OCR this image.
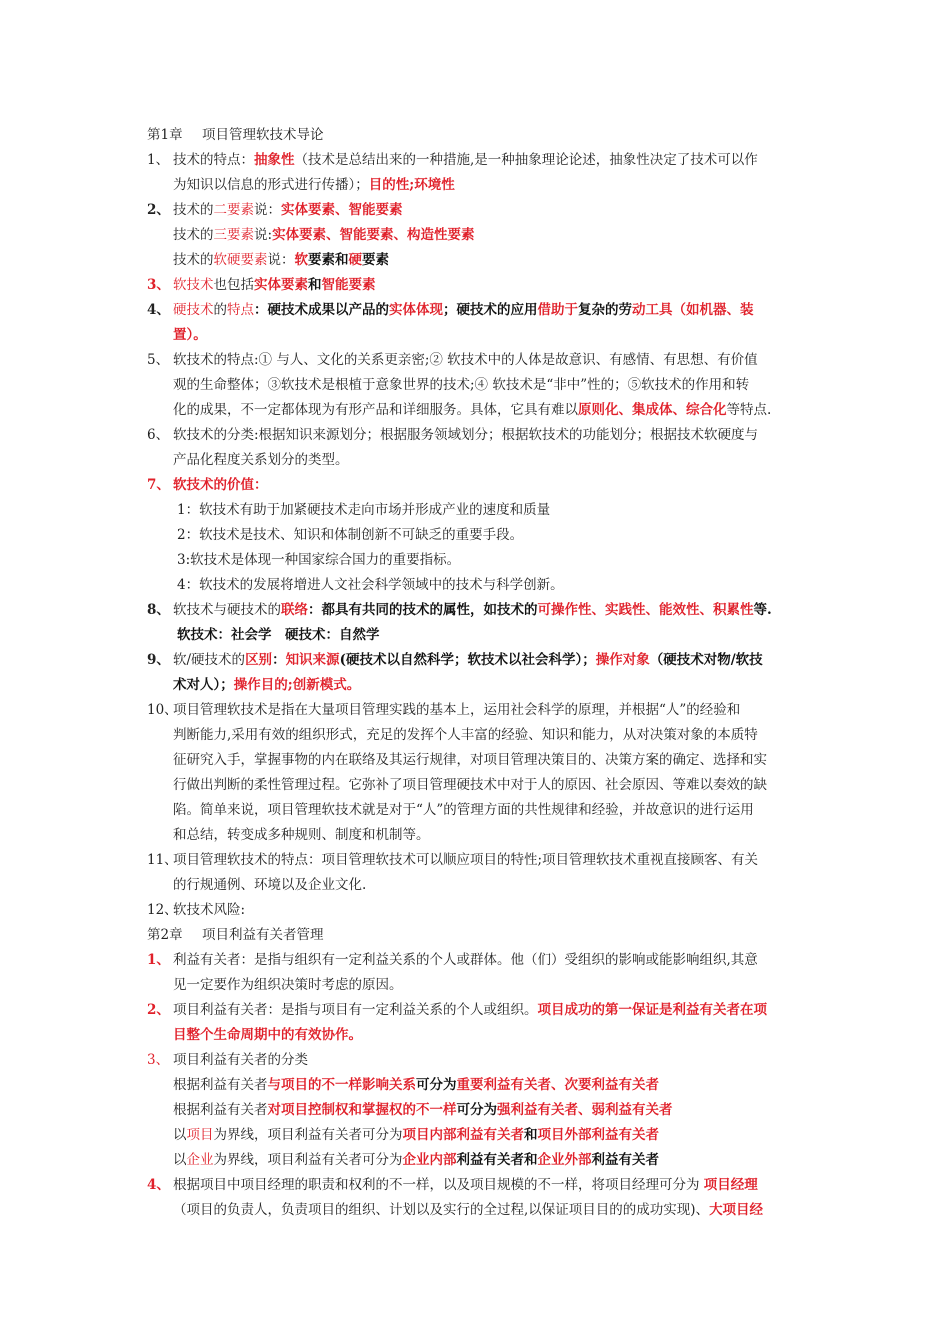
第1章 项目管理软技术导论
1、 技术的特点：抽象性（技术是总结出来的一种措施,是一种抽象理论论述，抽象性决定了技术可以作
为知识以信息的形式进行传播）；目的性;环境性
2、 技术的二要素说：实体要素、智能要素
技术的三要素说:实体要素、智能要素、构造性要素
技术的软硬要素说：软要素和硬要素
3、 软技术也包括实体要素和智能要素
4、 硬技术的特点：硬技术成果以产品的实体体现；硬技术的应用借助于复杂的劳动工具（如机器、装
置）。
5、 软技术的特点:① 与人、文化的关系更亲密;② 软技术中的人体是故意识、有感情、有思想、有价值
观的生命整体；③软技术是根植于意象世界的技术;④ 软技术是“非中”性的；⑤软技术的作用和转
化的成果，不一定都体现为有形产品和详细服务。具体，它具有难以原则化、集成体、综合化等特点.
6、 软技术的分类:根据知识来源划分；根据服务领域划分；根据软技术的功能划分；根据技术软硬度与
产品化程度关系划分的类型。
7、 软技术的价值：
1：软技术有助于加紧硬技术走向市场并形成产业的速度和质量
2：软技术是技术、知识和体制创新不可缺乏的重要手段。
3:软技术是体现一种国家综合国力的重要指标。
4：软技术的发展将增进人文社会科学领域中的技术与科学创新。
8、 软技术与硬技术的联络：都具有共同的技术的属性，如技术的可操作性、实践性、能效性、积累性等.
软技术：社会学　硬技术：自然学
9、 软/硬技术的区别：知识来源(硬技术以自然科学；软技术以社会科学）；操作对象（硬技术对物/软技
术对人）；操作目的;创新模式。
10、
项目管理软技术是指在大量项目管理实践的基本上，运用社会科学的原理，并根据“人”的经验和
判断能力,采用有效的组织形式，充足的发挥个人丰富的经验、知识和能力，从对决策对象的本质特
征研究入手，掌握事物的内在联络及其运行规律，对项目管理决策目的、决策方案的确定、选择和实
行做出判断的柔性管理过程。它弥补了项目管理硬技术中对于人的原因、社会原因、等难以奏效的缺
陷。简单来说，项目管理软技术就是对于“人”的管理方面的共性规律和经验，并故意识的进行运用
和总结，转变成多种规则、制度和机制等。
11、
项目管理软技术的特点：项目管理软技术可以顺应项目的特性;项目管理软技术重视直接顾客、有关
的行规通例、环境以及企业文化.
12、
软技术风险:
第2章 项目利益有关者管理
1、 利益有关者：是指与组织有一定利益关系的个人或群体。他（们）受组织的影响或能影响组织,其意
见一定要作为组织决策时考虑的原因。
2、 项目利益有关者：是指与项目有一定利益关系的个人或组织。项目成功的第一保证是利益有关者在项
目整个生命周期中的有效协作。
3、 项目利益有关者的分类
根据利益有关者与项目的不一样影响关系可分为重要利益有关者、次要利益有关者
根据利益有关者对项目控制权和掌握权的不一样可分为强利益有关者、弱利益有关者
以项目为界线，项目利益有关者可分为项目内部利益有关者和项目外部利益有关者
以企业为界线，项目利益有关者可分为企业内部利益有关者和企业外部利益有关者
4、 根据项目中项目经理的职责和权利的不一样，以及项目规模的不一样，将项目经理可分为 项目经理
（项目的负责人，负责项目的组织、计划以及实行的全过程,以保证项目目的的成功实现)、大项目经
